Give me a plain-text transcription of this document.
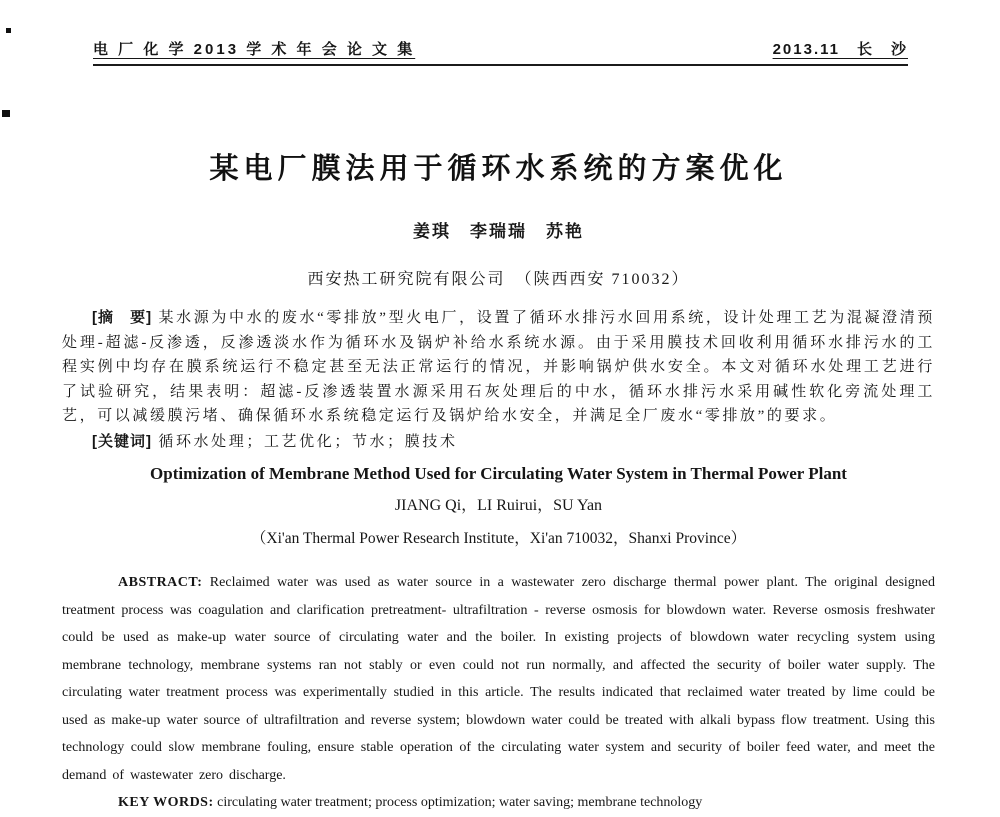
电 厂 化 学 2013 学 术 年 会 论 文 集	2013.11　长　沙
某电厂膜法用于循环水系统的方案优化
姜琪　李瑞瑞　苏艳
西安热工研究院有限公司　（陕西西安 710032）

[摘　要] 某水源为中水的废水“零排放”型火电厂，设置了循环水排污水回用系统，设计处理工艺为混凝澄清预处理-超滤-反渗透，反渗透淡水作为循环水及锅炉补给水系统水源。由于采用膜技术回收利用循环水排污水的工程实例中均存在膜系统运行不稳定甚至无法正常运行的情况，并影响锅炉供水安全。本文对循环水处理工艺进行了试验研究，结果表明：超滤-反渗透装置水源采用石灰处理后的中水，循环水排污水采用碱性软化旁流处理工艺，可以减缓膜污堵、确保循环水系统稳定运行及锅炉给水安全，并满足全厂废水“零排放”的要求。

[关键词] 循环水处理；工艺优化；节水；膜技术

Optimization of Membrane Method Used for Circulating Water System in Thermal Power Plant
JIANG Qi，LI Ruirui，SU Yan
（Xi'an Thermal Power Research Institute，Xi'an 710032，Shanxi Province）

ABSTRACT: Reclaimed water was used as water source in a wastewater zero discharge thermal power plant. The original designed treatment process was coagulation and clarification pretreatment- ultrafiltration - reverse osmosis for blowdown water. Reverse osmosis freshwater could be used as make-up water source of circulating water and the boiler. In existing projects of blowdown water recycling system using membrane technology, membrane systems ran not stably or even could not run normally, and affected the security of boiler water supply. The circulating water treatment process was experimentally studied in this article. The results indicated that reclaimed water treated by lime could be used as make-up water source of ultrafiltration and reverse system; blowdown water could be treated with alkali bypass flow treatment. Using this technology could slow membrane fouling, ensure stable operation of the circulating water system and security of boiler feed water, and meet the demand of wastewater zero discharge.

KEY WORDS: circulating water treatment; process optimization; water saving; membrane technology
